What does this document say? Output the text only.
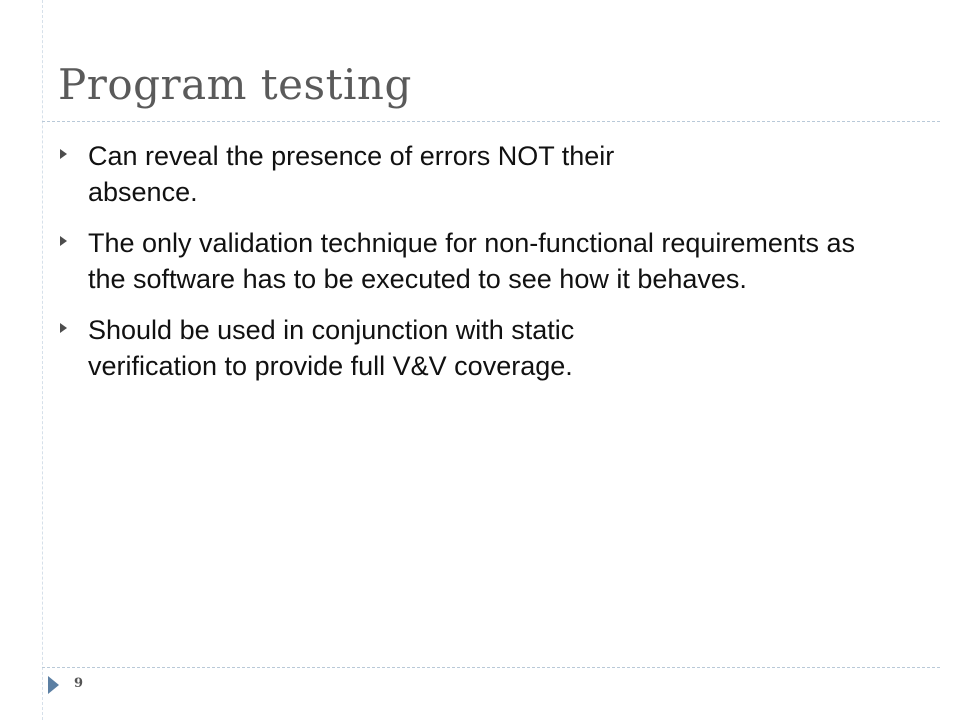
Program testing
Can reveal the presence of errors NOT their absence.
The only validation technique for non-functional requirements as the software has to be executed to see how it behaves.
Should be used in conjunction with static verification to provide full V&V coverage.
9
